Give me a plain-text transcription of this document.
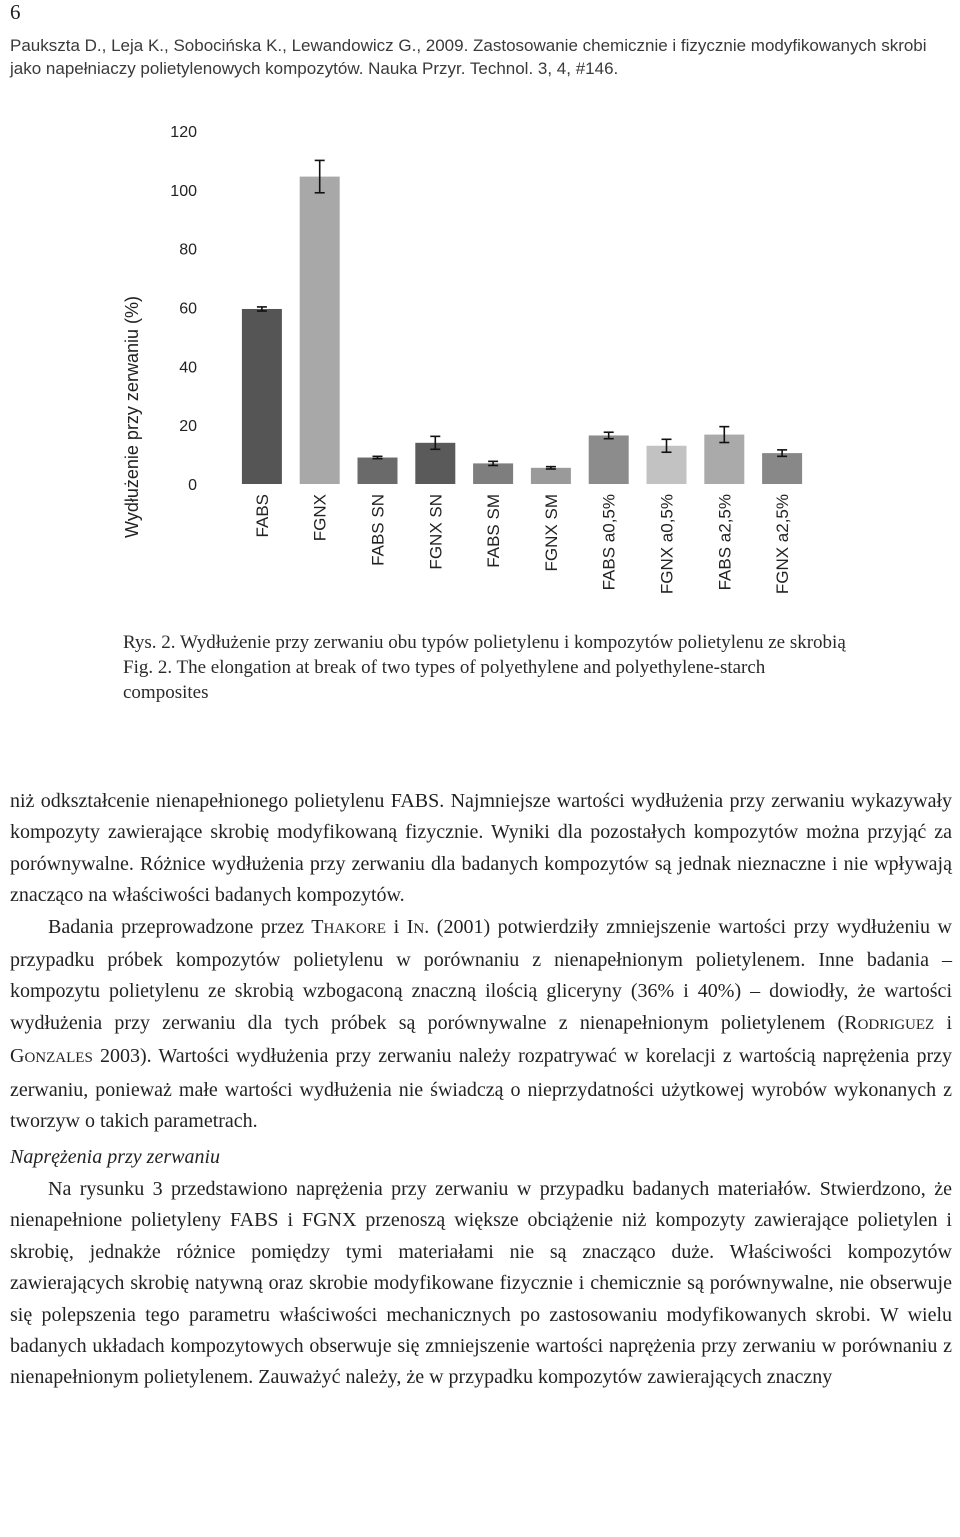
6
Pauksztа D., Leja K., Sobocińska K., Lewandowicz G., 2009. Zastosowanie chemicznie i fizycznie modyfikowanych skrobi jako napełniaczy polietylenowych kompozytów. Nauka Przyr. Technol. 3, 4, #146.
Wydłużenie przy zerwaniu (%)	0
20
40
60
80
100
120
FABS FGNX FABS SN FGNX SN FABS SM FGNX SM FABS a0,5% FGNX a0,5% FABS a2,5% FGNX a2,5%

Rys. 2. Wydłużenie przy zerwaniu obu typów polietylenu i kompozytów polietylenu ze skrobią

Fig. 2. The elongation at break of two types of polyethylene and polyethylene-starch composites

niż odkształcenie nienapełnionego polietylenu FABS. Najmniejsze wartości wydłużenia przy zerwaniu wykazywały kompozyty zawierające skrobię modyfikowaną fizycznie. Wyniki dla pozostałych kompozytów można przyjąć za porównywalne. Różnice wydłużenia przy zerwaniu dla badanych kompozytów są jednak nieznaczne i nie wpływają znacząco na właściwości badanych kompozytów.

Badania przeprowadzone przez THAKORE i IN. (2001) potwierdziły zmniejszenie wartości przy wydłużeniu w przypadku próbek kompozytów polietylenu w porównaniu z nienapełnionym polietylenem. Inne badania – kompozytu polietylenu ze skrobią wzbogaconą znaczną ilością gliceryny (36% i 40%) – dowiodły, że wartości wydłużenia przy zerwaniu dla tych próbek są porównywalne z nienapełnionym polietylenem (RODRIGUEZ i GONZALES 2003). Wartości wydłużenia przy zerwaniu należy rozpatrywać w korelacji z wartością naprężenia przy zerwaniu, ponieważ małe wartości wydłużenia nie świadczą o nieprzydatności użytkowej wyrobów wykonanych z tworzyw o takich parametrach.

Naprężenia przy zerwaniu

Na rysunku 3 przedstawiono naprężenia przy zerwaniu w przypadku badanych materiałów. Stwierdzono, że nienapełnione polietyleny FABS i FGNX przenoszą większe obciążenie niż kompozyty zawierające polietylen i skrobię, jednakże różnice pomiędzy tymi materiałami nie są znacząco duże. Właściwości kompozytów zawierających skrobię natywną oraz skrobie modyfikowane fizycznie i chemicznie są porównywalne, nie obserwuje się polepszenia tego parametru właściwości mechanicznych po zastosowaniu modyfikowanych skrobi. W wielu badanych układach kompozytowych obserwuje się zmniejszenie wartości naprężenia przy zerwaniu w porównaniu z nienapełnionym polietylenem. Zauważyć należy, że w przypadku kompozytów zawierających znaczny
